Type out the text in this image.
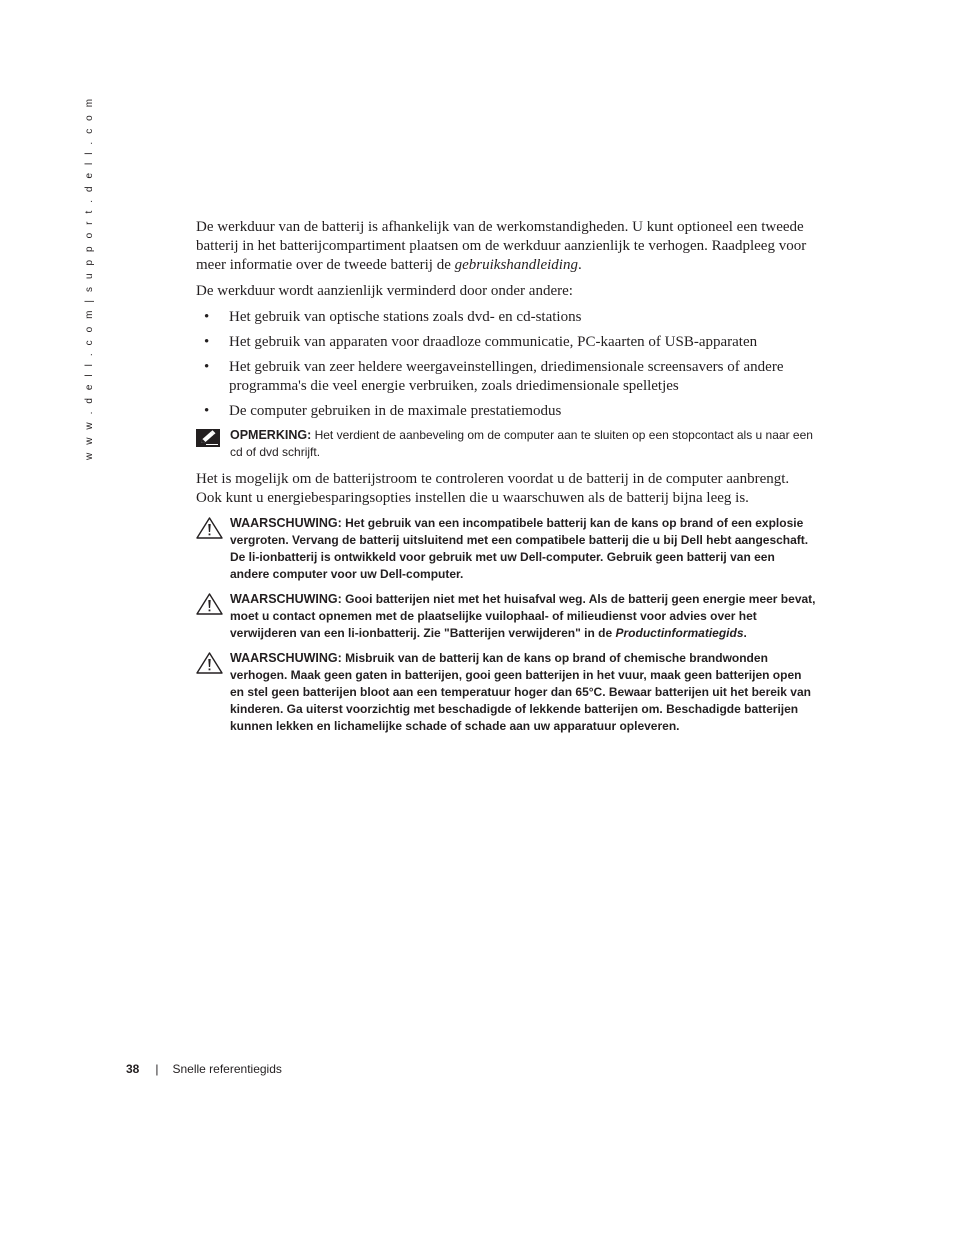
w w w . d e l l . c o m | s u p p o r t . d e l l . c o m	De werkduur van de batterij is afhankelijk van de werkomstandigheden. U kunt optioneel een tweede batterij in het batterijcompartiment plaatsen om de werkduur aanzienlijk te verhogen. Raadpleeg voor meer informatie over de tweede batterij de gebruikshandleiding.

De werkduur wordt aanzienlijk verminderd door onder andere:

• Het gebruik van optische stations zoals dvd- en cd-stations
• Het gebruik van apparaten voor draadloze communicatie, PC-kaarten of USB-apparaten
• Het gebruik van zeer heldere weergaveinstellingen, driedimensionale screensavers of andere programma's die veel energie verbruiken, zoals driedimensionale spelletjes
• De computer gebruiken in de maximale prestatiemodus
OPMERKING: Het verdient de aanbeveling om de computer aan te sluiten op een stopcontact als u naar een cd of dvd schrijft.

Het is mogelijk om de batterijstroom te controleren voordat u de batterij in de computer aanbrengt. Ook kunt u energiebesparingsopties instellen die u waarschuwen als de batterij bijna leeg is.

WAARSCHUWING: Het gebruik van een incompatibele batterij kan de kans op brand of een explosie vergroten. Vervang de batterij uitsluitend met een compatibele batterij die u bij Dell hebt aangeschaft. De li-ionbatterij is ontwikkeld voor gebruik met uw Dell-computer. Gebruik geen batterij van een andere computer voor uw Dell-computer.
WAARSCHUWING: Gooi batterijen niet met het huisafval weg. Als de batterij geen energie meer bevat, moet u contact opnemen met de plaatselijke vuilophaal- of milieudienst voor advies over het verwijderen van een li-ionbatterij. Zie "Batterijen verwijderen" in de Productinformatiegids.
WAARSCHUWING: Misbruik van de batterij kan de kans op brand of chemische brandwonden verhogen. Maak geen gaten in batterijen, gooi geen batterijen in het vuur, maak geen batterijen open en stel geen batterijen bloot aan een temperatuur hoger dan 65°C. Bewaar batterijen uit het bereik van kinderen. Ga uiterst voorzichtig met beschadigde of lekkende batterijen om. Beschadigde batterijen kunnen lekken en lichamelijke schade of schade aan uw apparatuur opleveren.
38 | Snelle referentiegids
